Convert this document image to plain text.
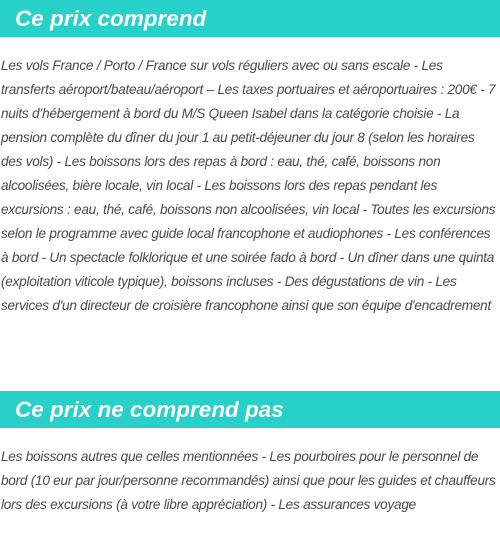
Ce prix comprend

Les vols France / Porto / France sur vols réguliers avec ou sans escale - Les transferts aéroport/bateau/aéroport – Les taxes portuaires et aéroportuaires : 200€ - 7 nuits d’hébergement à bord du M/S Queen Isabel dans la catégorie choisie - La pension complète du dîner du jour 1 au petit-déjeuner du jour 8 (selon les horaires des vols) - Les boissons lors des repas à bord : eau, thé, café, boissons non alcoolisées, bière locale, vin local - Les boissons lors des repas pendant les excursions : eau, thé, café, boissons non alcoolisées, vin local - Toutes les excursions selon le programme avec guide local francophone et audiophones - Les conférences à bord - Un spectacle folklorique et une soirée fado à bord - Un dîner dans une quinta (exploitation viticole typique), boissons incluses - Des dégustations de vin - Les services d'un directeur de croisière francophone ainsi que son équipe d'encadrement

Ce prix ne comprend pas

Les boissons autres que celles mentionnées - Les pourboires pour le personnel de bord (10 eur par jour/personne recommandés) ainsi que pour les guides et chauffeurs lors des excursions (à votre libre appréciation) - Les assurances voyage
